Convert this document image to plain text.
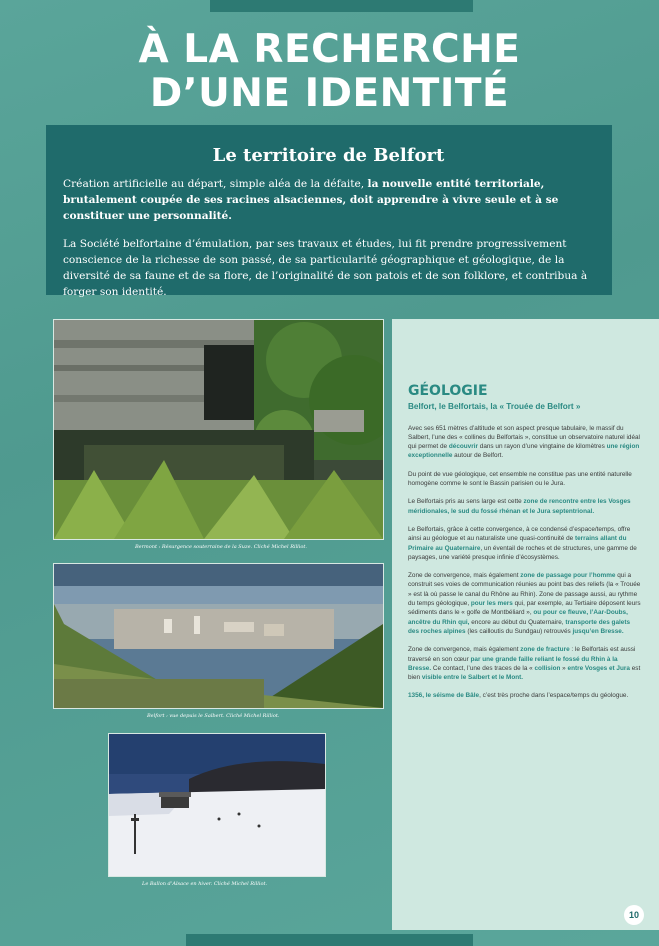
À LA RECHERCHE
D’UNE IDENTITÉ
Le territoire de Belfort

Création artificielle au départ, simple aléa de la défaite, la nouvelle entité territoriale, brutalement coupée de ses racines alsaciennes, doit apprendre à vivre seule et à se constituer une personnalité.

La Société belfortaine d’émulation, par ses travaux et études, lui fit prendre progressivement conscience de la richesse de son passé, de sa particularité géographique et géologique, de la diversité de sa faune et de sa flore, de l’originalité de son patois et de son folklore, et contribua à forger son identité.

Bermont : Résurgence souterraine de la Suze. Cliché Michel Rilliot.
Belfort : vue depuis le Salbert. Cliché Michel Rilliot.
Le Ballon d’Alsace en hiver. Cliché Michel Rilliot.
GÉOLOGIE
Belfort, le Belfortais, la « Trouée de Belfort »

Avec ses 651 mètres d’altitude et son aspect presque tabulaire, le massif du Salbert, l’une des « collines du Belfortais », constitue un observatoire naturel idéal qui permet de découvrir dans un rayon d’une vingtaine de kilomètres une région exceptionnelle autour de Belfort.

Du point de vue géologique, cet ensemble ne constitue pas une entité naturelle homogène comme le sont le Bassin parisien ou le Jura.

Le Belfortais pris au sens large est cette zone de rencontre entre les Vosges méridionales, le sud du fossé rhénan et le Jura septentrional.

Le Belfortais, grâce à cette convergence, à ce condensé d’espace/temps, offre ainsi au géologue et au naturaliste une quasi-continuité de terrains allant du Primaire au Quaternaire, un éventail de roches et de structures, une gamme de paysages, une variété presque infinie d’écosystèmes.

Zone de convergence, mais également zone de passage pour l’homme qui a construit ses voies de communication réunies au point bas des reliefs (la « Trouée » est là où passe le canal du Rhône au Rhin). Zone de passage aussi, au rythme du temps géologique, pour les mers qui, par exemple, au Tertiaire déposent leurs sédiments dans le « golfe de Montbéliard », ou pour ce fleuve, l’Aar-Doubs, ancêtre du Rhin qui, encore au début du Quaternaire, transporte des galets des roches alpines (les cailloutis du Sundgau) retrouvés jusqu’en Bresse.

Zone de convergence, mais également zone de fracture : le Belfortais est aussi traversé en son cœur par une grande faille reliant le fossé du Rhin à la Bresse. Ce contact, l’une des traces de la « collision » entre Vosges et Jura est bien visible entre le Salbert et le Mont.

1356, le séisme de Bâle, c’est très proche dans l’espace/temps du géologue.

10
